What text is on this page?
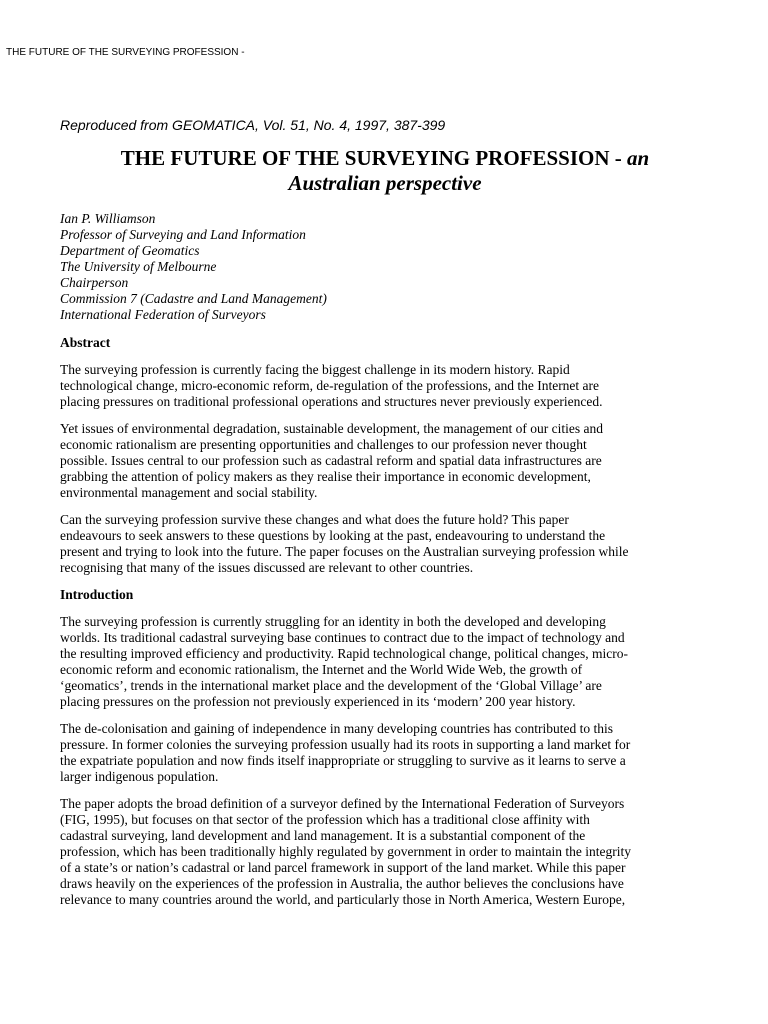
THE FUTURE OF THE SURVEYING PROFESSION -
Reproduced from GEOMATICA, Vol. 51, No. 4, 1997, 387-399
THE FUTURE OF THE SURVEYING PROFESSION - an
Australian perspective
Ian P. Williamson
Professor of Surveying and Land Information
Department of Geomatics
The University of Melbourne
Chairperson
Commission 7 (Cadastre and Land Management)
International Federation of Surveyors
Abstract
The surveying profession is currently facing the biggest challenge in its modern history. Rapid
technological change, micro-economic reform, de-regulation of the professions, and the Internet are
placing pressures on traditional professional operations and structures never previously experienced.
Yet issues of environmental degradation, sustainable development, the management of our cities and
economic rationalism are presenting opportunities and challenges to our profession never thought
possible. Issues central to our profession such as cadastral reform and spatial data infrastructures are
grabbing the attention of policy makers as they realise their importance in economic development,
environmental management and social stability.
Can the surveying profession survive these changes and what does the future hold? This paper
endeavours to seek answers to these questions by looking at the past, endeavouring to understand the
present and trying to look into the future. The paper focuses on the Australian surveying profession while
recognising that many of the issues discussed are relevant to other countries.
Introduction
The surveying profession is currently struggling for an identity in both the developed and developing
worlds. Its traditional cadastral surveying base continues to contract due to the impact of technology and
the resulting improved efficiency and productivity. Rapid technological change, political changes, micro-
economic reform and economic rationalism, the Internet and the World Wide Web, the growth of
‘geomatics’, trends in the international market place and the development of the ‘Global Village’ are
placing pressures on the profession not previously experienced in its ‘modern’ 200 year history.
The de-colonisation and gaining of independence in many developing countries has contributed to this
pressure. In former colonies the surveying profession usually had its roots in supporting a land market for
the expatriate population and now finds itself inappropriate or struggling to survive as it learns to serve a
larger indigenous population.
The paper adopts the broad definition of a surveyor defined by the International Federation of Surveyors
(FIG, 1995), but focuses on that sector of the profession which has a traditional close affinity with
cadastral surveying, land development and land management. It is a substantial component of the
profession, which has been traditionally highly regulated by government in order to maintain the integrity
of a state’s or nation’s cadastral or land parcel framework in support of the land market. While this paper
draws heavily on the experiences of the profession in Australia, the author believes the conclusions have
relevance to many countries around the world, and particularly those in North America, Western Europe,
